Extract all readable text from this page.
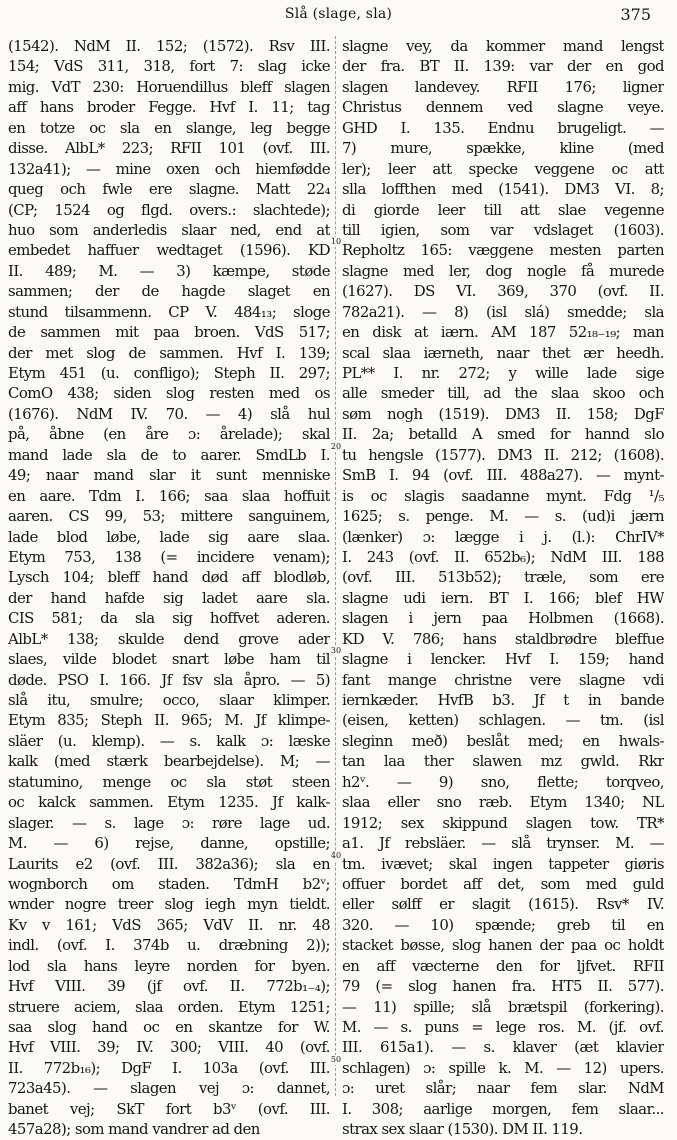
Slå (slage, sla)	375
(1542). NdM II. 152; (1572). Rsv III.
154; VdS 311, 318, fort 7: slag icke
mig. VdT 230: Horuendillus bleff slagen
aff hans broder Fegge. Hvf I. 11; tag
en totze oc sla en slange, leg begge
disse. AlbL* 223; RFII 101 (ovf. III.
132a41); — mine oxen och hiemfødde
queg och fwle ere slagne. Matt 22₄
(CP; 1524 og flgd. overs.: slachtede);
huo som anderledis slaar ned, end at
embedet haffuer wedtaget (1596). KD
II. 489; M. — 3) kæmpe, støde
sammen; der de hagde slaget en
stund tilsammenn. CP V. 484₁₃; sloge
de sammen mit paa broen. VdS 517;
der met slog de sammen. Hvf I. 139;
Etym 451 (u. confligo); Steph II. 297;
ComO 438; siden slog resten med os
(1676). NdM IV. 70. — 4) slå hul
på, åbne (en åre ɔ: årelade); skal
mand lade sla de to aarer. SmdLb I.
49; naar mand slar it sunt menniske
en aare. Tdm I. 166; saa slaa hoffuit
aaren. CS 99, 53; mittere sanguinem,
lade blod løbe, lade sig aare slaa.
Etym 753, 138 (= incidere venam);
Lysch 104; bleff hand død aff blodløb,
der hand hafde sig ladet aare sla.
CIS 581; da sla sig hoffvet aderen.
AlbL* 138; skulde dend grove ader
slaes, vilde blodet snart løbe ham til
døde. PSO I. 166. Jf fsv sla åpro. — 5)
slå itu, smulre; occo, slaar klimper.
Etym 835; Steph II. 965; M. Jf klimpe-
släer (u. klemp). — s. kalk ɔ: læske
kalk (med stærk bearbejdelse). M; —
statumino, menge oc sla støt steen
oc kalck sammen. Etym 1235. Jf kalk-
slager. — s. lage ɔ: røre lage ud.
M. — 6) rejse, danne, opstille;
Laurits e2 (ovf. III. 382a36); sla en
wognborch om staden. TdmH b2ᵛ;
wnder nogre treer slog iegh myn tieldt.
Kv v 161; VdS 365; VdV II. nr. 48
indl. (ovf. I. 374b u. dræbning 2));
lod sla hans leyre norden for byen.
Hvf VIII. 39 (jf ovf. II. 772b₁₋₄);
struere aciem, slaa orden. Etym 1251;
saa slog hand oc en skantze for W.
Hvf VIII. 39; IV. 300; VIII. 40 (ovf.
II. 772b₁₆); DgF I. 103a (ovf. III.
723a45). — slagen vej ɔ: dannet,
banet vej; SkT fort b3ᵛ (ovf. III.
457a28); som mand vandrer ad den
10
20
30
40
50
slagne vey, da kommer mand lengst
der fra. BT II. 139: var der en god
slagen landevey. RFII 176; ligner
Christus dennem ved slagne veye.
GHD I. 135. Endnu brugeligt. —
7) mure, spække, kline (med
ler); leer att specke veggene oc att
slla loffthen med (1541). DM3 VI. 8;
di giorde leer till att slae vegenne
till igien, som var vdslaget (1603).
Repholtz 165: væggene mesten parten
slagne med ler, dog nogle få murede
(1627). DS VI. 369, 370 (ovf. II.
782a21). — 8) (isl slá) smedde; sla
en disk at iærn. AM 187 52₁₈₋₁₉; man
scal slaa iærneth, naar thet ær heedh.
PL** I. nr. 272; y wille lade sige
alle smeder till, ad the slaa skoo och
søm nogh (1519). DM3 II. 158; DgF
II. 2a; betalld A smed for hannd slo
tu hengsle (1577). DM3 II. 212; (1608).
SmB I. 94 (ovf. III. 488a27). — mynt-
is oc slagis saadanne mynt. Fdg ¹/₅
1625; s. penge. M. — s. (ud)i jærn
(lænker) ɔ: lægge i j. (l.): ChrIV*
I. 243 (ovf. II. 652b₆); NdM III. 188
(ovf. III. 513b52); træle, som ere
slagne udi iern. BT I. 166; blef HW
slagen i jern paa Holbmen (1668).
KD V. 786; hans staldbrødre bleffue
slagne i lencker. Hvf I. 159; hand
fant mange christne vere slagne vdi
iernkæder. HvfB b3. Jf t in bande
(eisen, ketten) schlagen. — tm. (isl
sleginn með) beslåt med; en hwals-
tan laa ther slawen mz gwld. Rkr
h2ᵛ. — 9) sno, flette; torqveo,
slaa eller sno ræb. Etym 1340; NL
1912; sex skippund slagen tow. TR*
a1. Jf rebsläer. — slå trynser. M. —
tm. ivævet; skal ingen tappeter giøris
offuer bordet aff det, som med guld
eller sølff er slagit (1615). Rsv* IV.
320. — 10) spænde; greb til en
stacket bøsse, slog hanen der paa oc holdt
en aff væcterne den for ljfvet. RFII
79 (= slog hanen fra. HT5 II. 577).
— 11) spille; slå brætspil (forkering).
M. — s. puns = lege ros. M. (jf. ovf.
III. 615a1). — s. klaver (æt klavier
schlagen) ɔ: spille k. M. — 12) upers.
ɔ: uret slår; naar fem slar. NdM
I. 308; aarlige morgen, fem slaar...
strax sex slaar (1530). DM II. 119.
